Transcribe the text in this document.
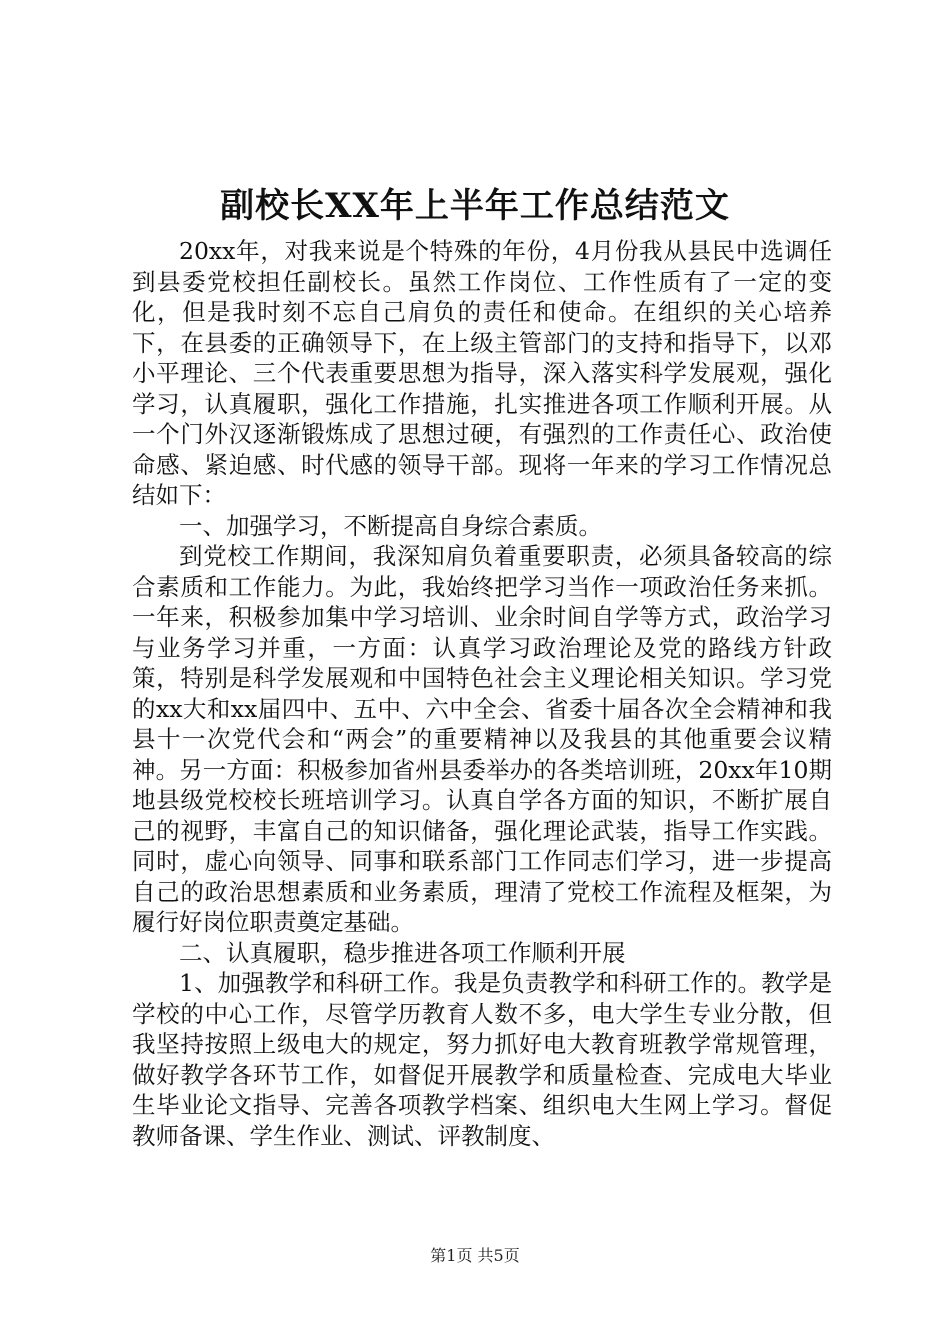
副校长XX年上半年工作总结范文

20xx年，对我来说是个特殊的年份，4月份我从县民中选调任到县委党校担任副校长。虽然工作岗位、工作性质有了一定的变化，但是我时刻不忘自己肩负的责任和使命。在组织的关心培养下，在县委的正确领导下，在上级主管部门的支持和指导下，以邓小平理论、三个代表重要思想为指导，深入落实科学发展观，强化学习，认真履职，强化工作措施，扎实推进各项工作顺利开展。从一个门外汉逐渐锻炼成了思想过硬，有强烈的工作责任心、政治使命感、紧迫感、时代感的领导干部。现将一年来的学习工作情况总结如下：

一、加强学习，不断提高自身综合素质。

到党校工作期间，我深知肩负着重要职责，必须具备较高的综合素质和工作能力。为此，我始终把学习当作一项政治任务来抓。一年来，积极参加集中学习培训、业余时间自学等方式，政治学习与业务学习并重，一方面：认真学习政治理论及党的路线方针政策，特别是科学发展观和中国特色社会主义理论相关知识。学习党的xx大和xx届四中、五中、六中全会、省委十届各次全会精神和我县十一次党代会和“两会”的重要精神以及我县的其他重要会议精神。另一方面：积极参加省州县委举办的各类培训班，20xx年10期地县级党校校长班培训学习。认真自学各方面的知识，不断扩展自己的视野，丰富自己的知识储备，强化理论武装，指导工作实践。同时，虚心向领导、同事和联系部门工作同志们学习，进一步提高自己的政治思想素质和业务素质，理清了党校工作流程及框架，为履行好岗位职责奠定基础。

二、认真履职，稳步推进各项工作顺利开展

1、加强教学和科研工作。我是负责教学和科研工作的。教学是学校的中心工作，尽管学历教育人数不多，电大学生专业分散，但我坚持按照上级电大的规定，努力抓好电大教育班教学常规管理，做好教学各环节工作，如督促开展教学和质量检查、完成电大毕业生毕业论文指导、完善各项教学档案、组织电大生网上学习。督促教师备课、学生作业、测试、评教制度、

第1页 共5页
